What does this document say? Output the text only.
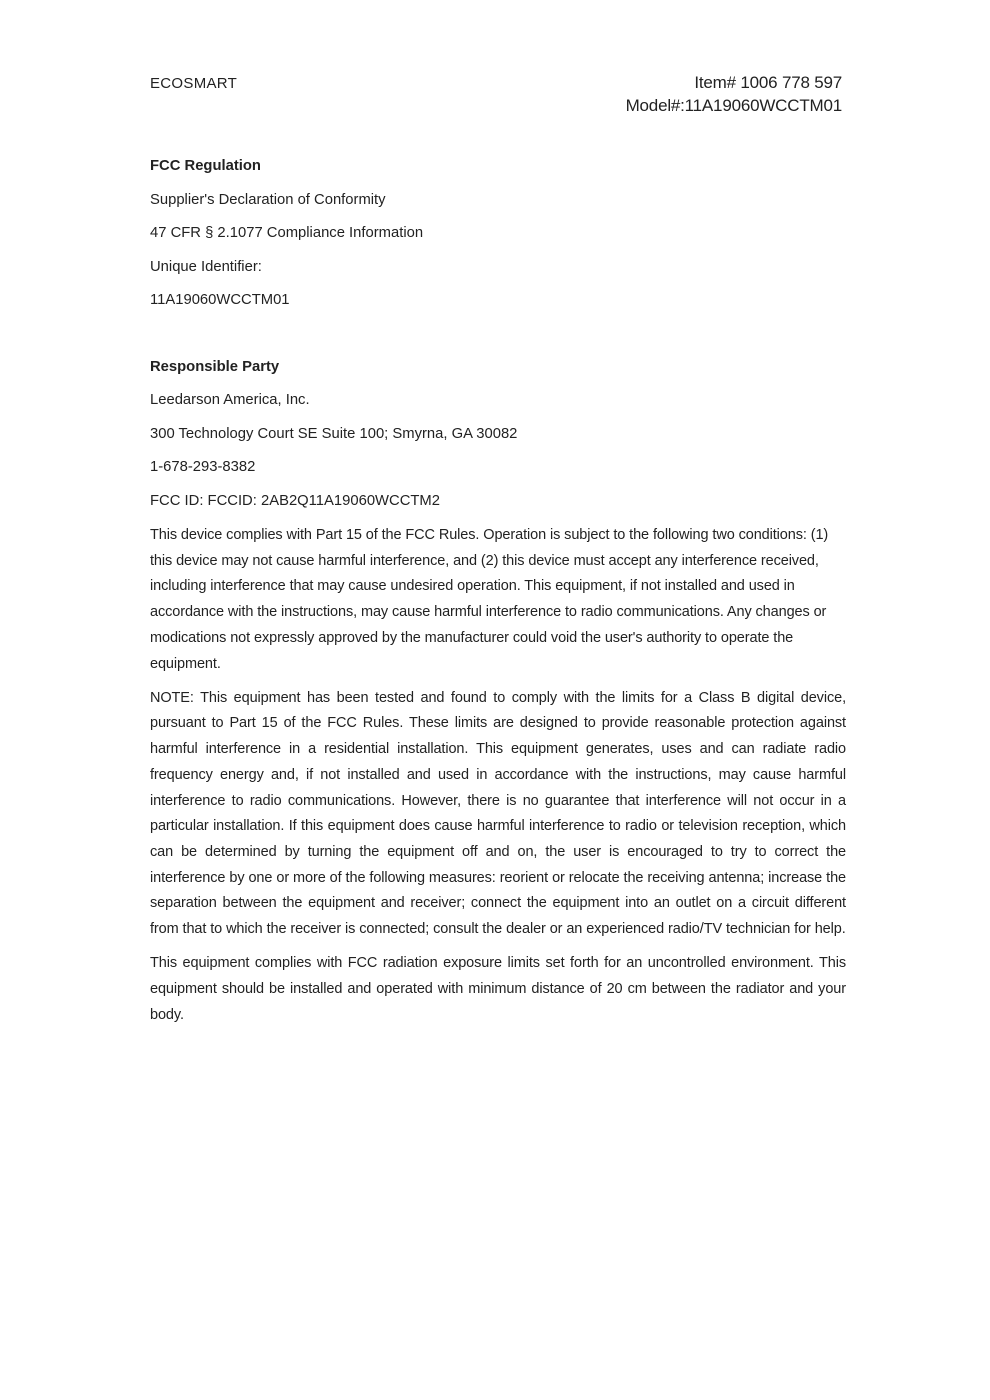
ECOSMART	Item# 1006 778 597
Model#:11A19060WCCTM01
FCC Regulation

Supplier's Declaration of Conformity

47 CFR § 2.1077 Compliance Information

Unique Identifier:

11A19060WCCTM01

Responsible Party

Leedarson America, Inc.

300 Technology Court SE Suite 100; Smyrna, GA 30082

1-678-293-8382

FCC ID: FCCID: 2AB2Q11A19060WCCTM2

This device complies with Part 15 of the FCC Rules. Operation is subject to the following two conditions: (1) this device may not cause harmful interference, and (2) this device must accept any interference received, including interference that may cause undesired operation. This equipment, if not installed and used in accordance with the instructions, may cause harmful interference to radio communications. Any changes or modications not expressly approved by the manufacturer could void the user's authority to operate the equipment.

NOTE: This equipment has been tested and found to comply with the limits for a Class B digital device, pursuant to Part 15 of the FCC Rules. These limits are designed to provide reasonable protection against harmful interference in a residential installation. This equipment generates, uses and can radiate radio frequency energy and, if not installed and used in accordance with the instructions, may cause harmful interference to radio communications. However, there is no guarantee that interference will not occur in a particular installation. If this equipment does cause harmful interference to radio or television reception, which can be determined by turning the equipment off and on, the user is encouraged to try to correct the interference by one or more of the following measures: reorient or relocate the receiving antenna; increase the separation between the equipment and receiver; connect the equipment into an outlet on a circuit different from that to which the receiver is connected; consult the dealer or an experienced radio/TV technician for help.

This equipment complies with FCC radiation exposure limits set forth for an uncontrolled environment. This equipment should be installed and operated with minimum distance of 20 cm between the radiator and your body.
